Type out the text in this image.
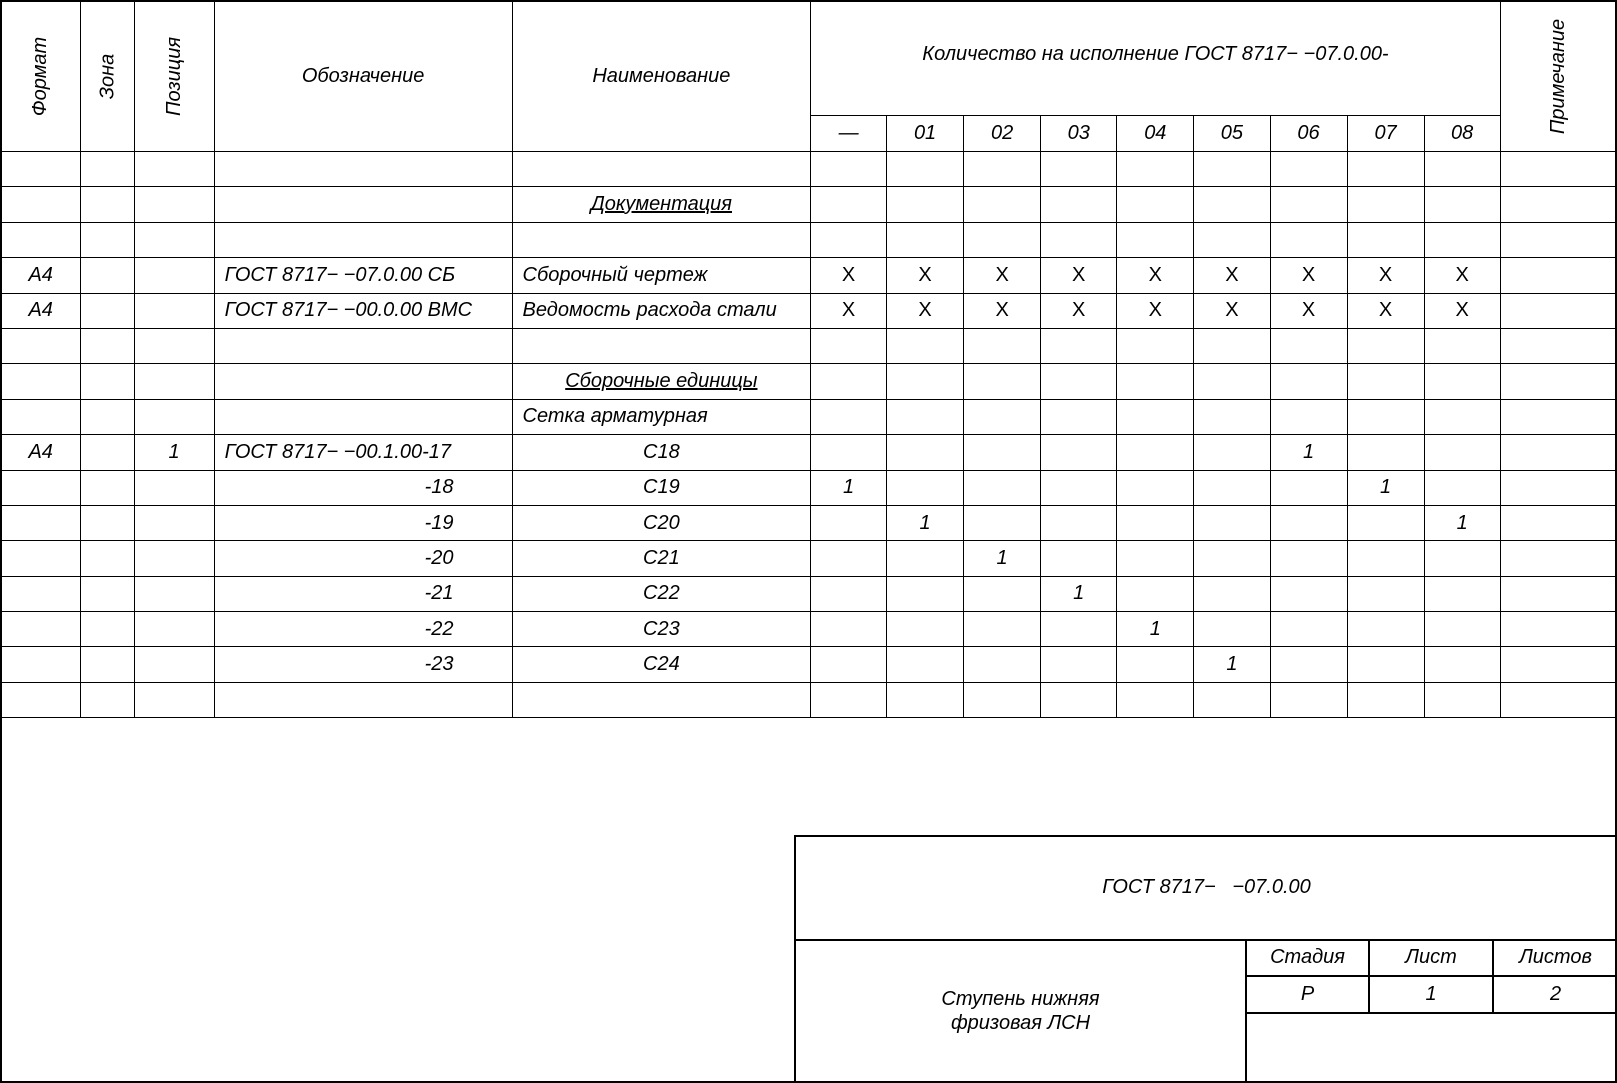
Формат	Зона	Позиция	Обозначение	Наименование	Количество на исполнение ГОСТ 8717− −07.0.00-									Примечание
					—	01	02	03	04	05	06	07	08	

				Документация										

А4			ГОСТ 8717− −07.0.00 СБ	Сборочный чертеж	X	X	X	X	X	X	X	X	X	
А4			ГОСТ 8717− −00.0.00 ВМС	Ведомость расхода стали	X	X	X	X	X	X	X	X	X	

				Сборочные единицы										
				Сетка арматурная										
А4		1	ГОСТ 8717− −00.1.00-17	С18							1			
			-18	С19	1							1		
			-19	С20		1							1	
			-20	С21			1							
			-21	С22				1						
			-22	С23					1					
			-23	С24						1				

ГОСТ 8717−   −07.0.00
Ступень нижняя
фризовая ЛСН
Стадия	Лист	Листов
Р	1	2
